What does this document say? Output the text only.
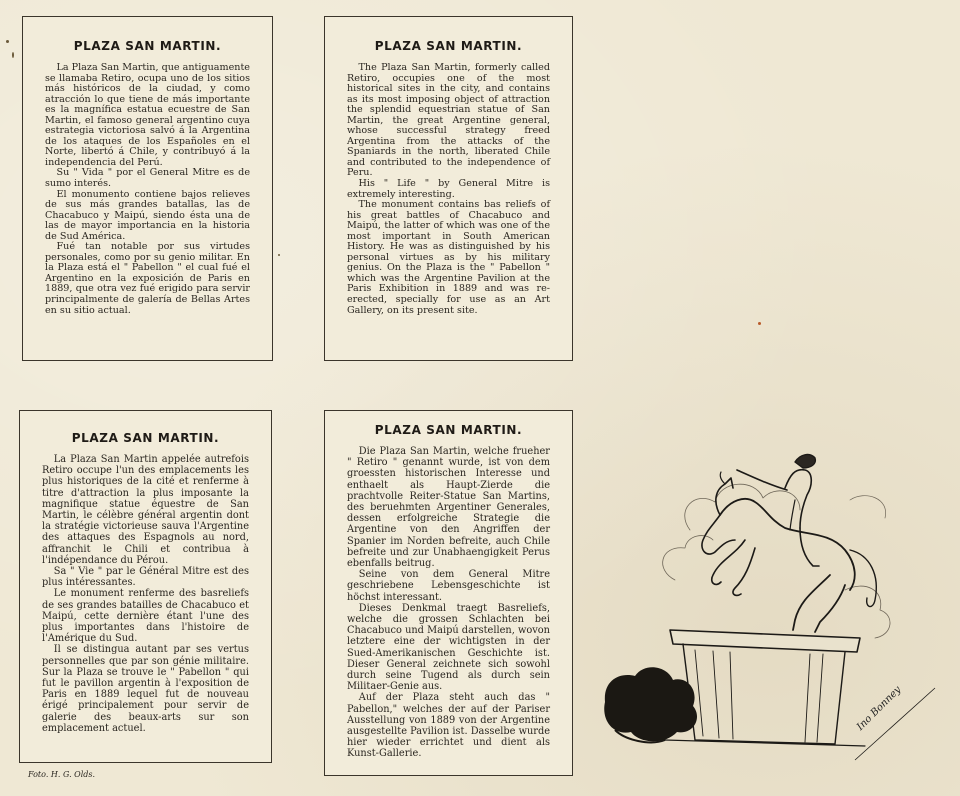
PLAZA SAN MARTIN.

La Plaza San Martin, que antiguamente se llamaba Retiro, ocupa uno de los sitios más históricos de la ciudad, y como atracción lo que tiene de más importante es la magnífica estatua ecuestre de San Martin, el famoso general argentino cuya estrategia victoriosa salvó á la Argentina de los ataques de los Españoles en el Norte, libertó á Chile, y contribuyó á la independencia del Perú.

Su " Vida " por el General Mitre es de sumo interés.

El monumento contiene bajos relieves de sus más grandes batallas, las de Chacabuco y Maipú, siendo ésta una de las de mayor importancia en la historia de Sud América.

Fué tan notable por sus virtudes personales, como por su genio militar. En la Plaza está el " Pabellon " el cual fué el Argentino en la exposición de Paris en 1889, que otra vez fué erigido para servir principalmente de galería de Bellas Artes en su sitio actual.

PLAZA SAN MARTIN.

The Plaza San Martin, formerly called Retiro, occupies one of the most historical sites in the city, and contains as its most imposing object of attraction the splendid equestrian statue of San Martin, the great Argentine general, whose successful strategy freed Argentina from the attacks of the Spaniards in the north, liberated Chile and contributed to the independence of Peru.

His " Life " by General Mitre is extremely interesting.

The monument contains bas reliefs of his great battles of Chacabuco and Maipú, the latter of which was one of the most important in South American History. He was as distinguished by his personal virtues as by his military genius. On the Plaza is the " Pabellon " which was the Argentine Pavilion at the Paris Exhibition in 1889 and was re-erected, specially for use as an Art Gallery, on its present site.

PLAZA SAN MARTIN.

La Plaza San Martin appelée autrefois Retiro occupe l'un des emplacements les plus historiques de la cité et renferme à titre d'attraction la plus imposante la magnifique statue équestre de San Martin, le célèbre général argentin dont la stratégie victorieuse sauva l'Argentine des attaques des Espagnols au nord, affranchit le Chili et contribua à l'indépendance du Pérou.

Sa " Vie " par le Général Mitre est des plus intéressantes.

Le monument renferme des basreliefs de ses grandes batailles de Chacabuco et Maipú, cette dernière étant l'une des plus importantes dans l'histoire de l'Amérique du Sud.

Il se distingua autant par ses vertus personnelles que par son génie militaire. Sur la Plaza se trouve le " Pabellon " qui fut le pavillon argentin à l'exposition de Paris en 1889 lequel fut de nouveau érigé principalement pour servir de galerie des beaux-arts sur son emplacement actuel.

PLAZA SAN MARTIN.

Die Plaza San Martin, welche frueher " Retiro " genannt wurde, ist von dem groessten historischen Interesse und enthaelt als Haupt-Zierde die prachtvolle Reiter-Statue San Martins, des beruehmten Argentiner Generales, dessen erfolgreiche Strategie die Argentine von den Angriffen der Spanier im Norden befreite, auch Chile befreite und zur Unabhaengigkeit Perus ebenfalls beitrug.

Seine von dem General Mitre geschriebene Lebensgeschichte ist höchst interessant.

Dieses Denkmal traegt Basreliefs, welche die grossen Schlachten bei Chacabuco und Maipú darstellen, wovon letztere eine der wichtigsten in der Sued-Amerikanischen Geschichte ist. Dieser General zeichnete sich sowohl durch seine Tugend als durch sein Militaer-Genie aus.

Auf der Plaza steht auch das " Pabellon," welches der auf der Pariser Ausstellung von 1889 von der Argentine ausgestellte Pavilion ist. Dasselbe wurde hier wieder errichtet und dient als Kunst-Gallerie.

Foto. H. G. Olds.
Ino Bonney
